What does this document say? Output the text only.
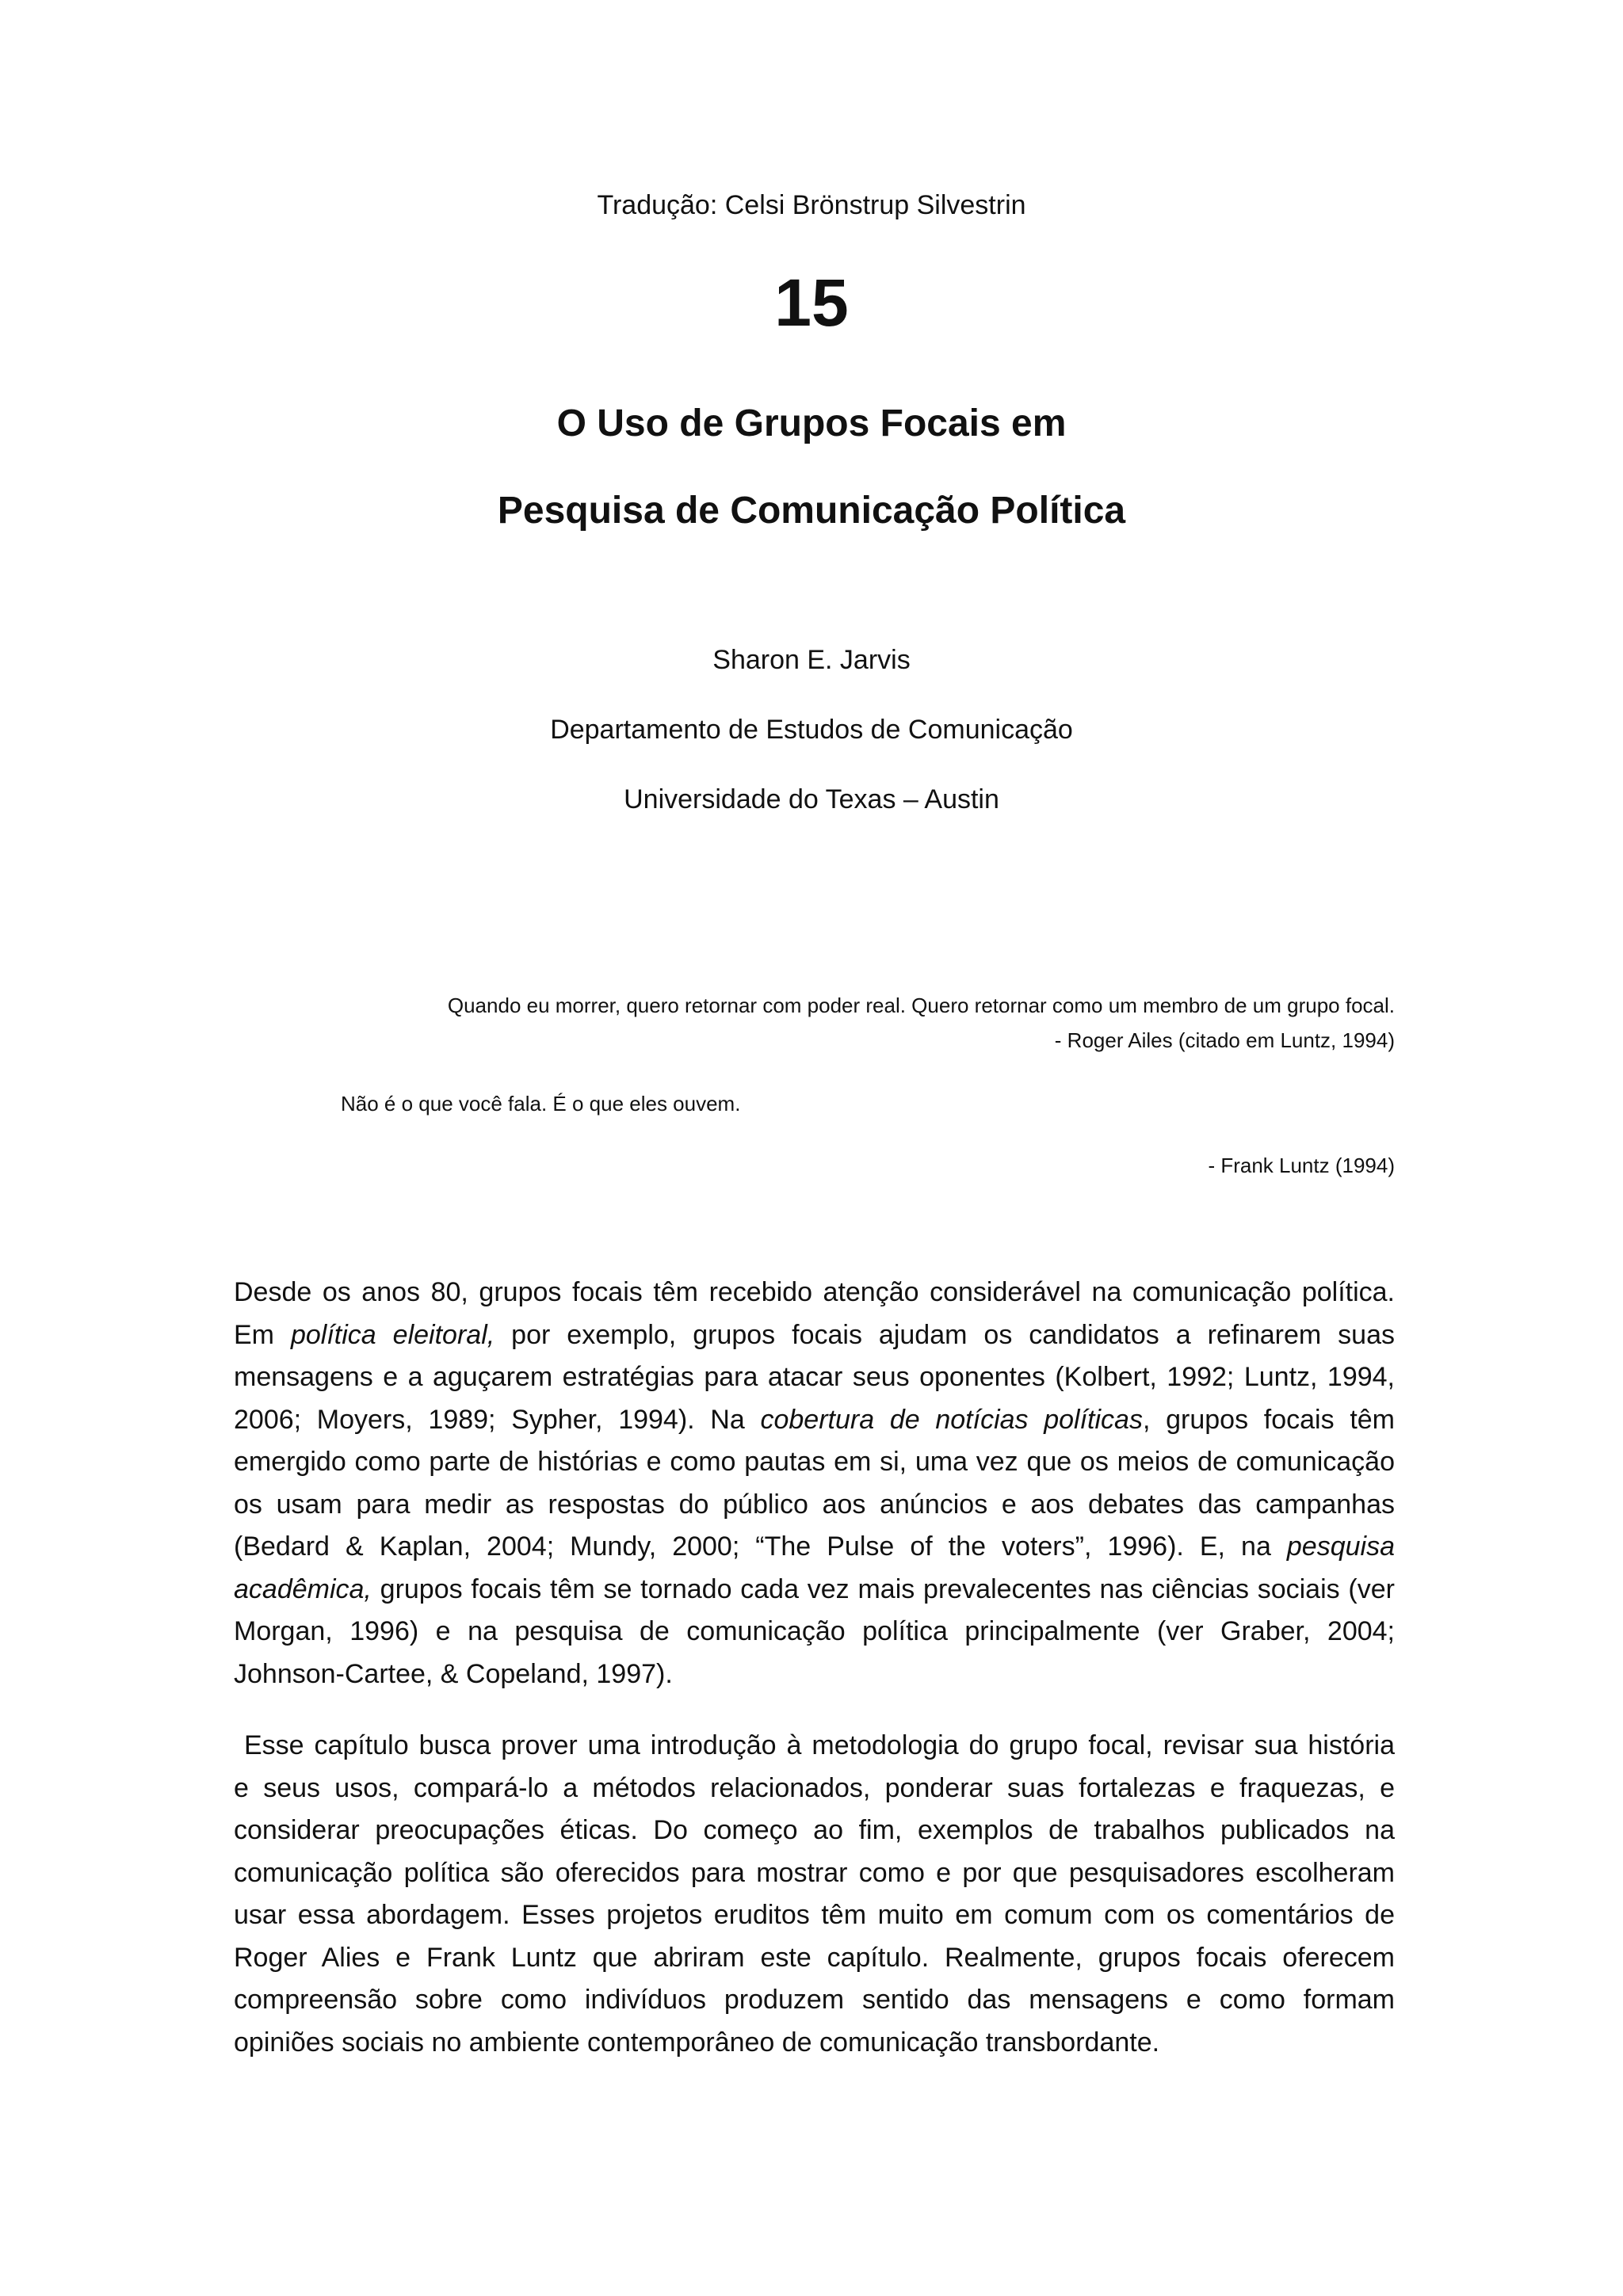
Tradução: Celsi Brönstrup Silvestrin
15
O Uso de Grupos Focais em
Pesquisa de Comunicação Política
Sharon E. Jarvis
Departamento de Estudos de Comunicação
Universidade do Texas – Austin
Quando eu morrer, quero retornar com poder real. Quero retornar como um membro de um grupo focal.
- Roger Ailes (citado em Luntz, 1994)
Não é o que você fala. É o que eles ouvem.
- Frank Luntz (1994)
Desde os anos 80, grupos focais têm recebido atenção considerável na comunicação política.
Em política eleitoral, por exemplo, grupos focais ajudam os candidatos a refinarem suas
mensagens e a aguçarem estratégias para atacar seus oponentes (Kolbert, 1992; Luntz, 1994,
2006; Moyers, 1989; Sypher, 1994). Na cobertura de notícias políticas, grupos focais têm
emergido como parte de histórias e como pautas em si, uma vez que os meios de comunicação
os usam para medir as respostas do público aos anúncios e aos debates das campanhas
(Bedard & Kaplan, 2004; Mundy, 2000; “The Pulse of the voters”, 1996). E, na pesquisa
acadêmica, grupos focais têm se tornado cada vez mais prevalecentes nas ciências sociais (ver
Morgan, 1996) e na pesquisa de comunicação política principalmente (ver Graber, 2004;
Johnson-Cartee, & Copeland, 1997).
Esse capítulo busca prover uma introdução à metodologia do grupo focal, revisar sua história
e seus usos, compará-lo a métodos relacionados, ponderar suas fortalezas e fraquezas, e
considerar preocupações éticas. Do começo ao fim, exemplos de trabalhos publicados na
comunicação política são oferecidos para mostrar como e por que pesquisadores escolheram
usar essa abordagem. Esses projetos eruditos têm muito em comum com os comentários de
Roger Alies e Frank Luntz que abriram este capítulo. Realmente, grupos focais oferecem
compreensão sobre como indivíduos produzem sentido das mensagens e como formam
opiniões sociais no ambiente contemporâneo de comunicação transbordante.
